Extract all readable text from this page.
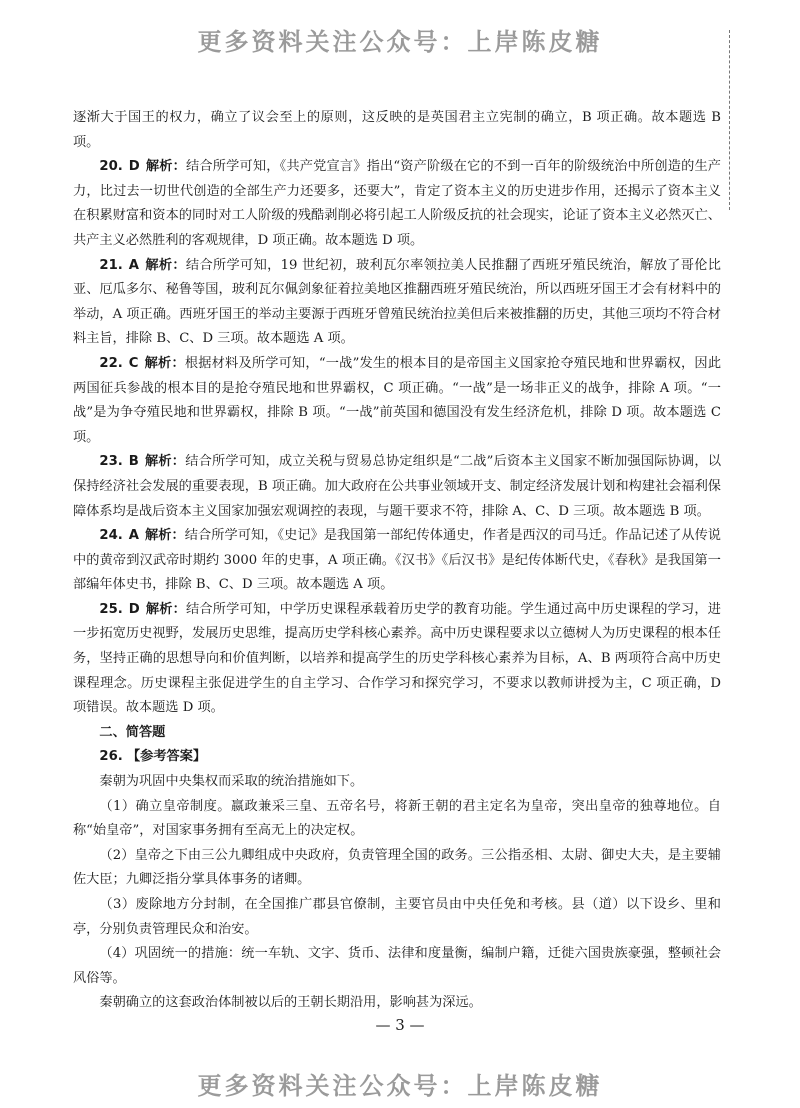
更多资料关注公众号：上岸陈皮糖

逐渐大于国王的权力，确立了议会至上的原则，这反映的是英国君主立宪制的确立，B 项正确。故本题选 B 项。

20. D 解析：结合所学可知，《共产党宣言》指出“资产阶级在它的不到一百年的阶级统治中所创造的生产力，比过去一切世代创造的全部生产力还要多，还要大”，肯定了资本主义的历史进步作用，还揭示了资本主义在积累财富和资本的同时对工人阶级的残酷剥削必将引起工人阶级反抗的社会现实，论证了资本主义必然灭亡、共产主义必然胜利的客观规律，D 项正确。故本题选 D 项。

21. A 解析：结合所学可知，19 世纪初，玻利瓦尔率领拉美人民推翻了西班牙殖民统治，解放了哥伦比亚、厄瓜多尔、秘鲁等国，玻利瓦尔佩剑象征着拉美地区推翻西班牙殖民统治，所以西班牙国王才会有材料中的举动，A 项正确。西班牙国王的举动主要源于西班牙曾殖民统治拉美但后来被推翻的历史，其他三项均不符合材料主旨，排除 B、C、D 三项。故本题选 A 项。

22. C 解析：根据材料及所学可知，“一战”发生的根本目的是帝国主义国家抢夺殖民地和世界霸权，因此两国征兵参战的根本目的是抢夺殖民地和世界霸权，C 项正确。“一战”是一场非正义的战争，排除 A 项。“一战”是为争夺殖民地和世界霸权，排除 B 项。“一战”前英国和德国没有发生经济危机，排除 D 项。故本题选 C 项。

23. B 解析：结合所学可知，成立关税与贸易总协定组织是“二战”后资本主义国家不断加强国际协调，以保持经济社会发展的重要表现，B 项正确。加大政府在公共事业领域开支、制定经济发展计划和构建社会福利保障体系均是战后资本主义国家加强宏观调控的表现，与题干要求不符，排除 A、C、D 三项。故本题选 B 项。

24. A 解析：结合所学可知，《史记》是我国第一部纪传体通史，作者是西汉的司马迁。作品记述了从传说中的黄帝到汉武帝时期约 3000 年的史事，A 项正确。《汉书》《后汉书》是纪传体断代史，《春秋》是我国第一部编年体史书，排除 B、C、D 三项。故本题选 A 项。

25. D 解析：结合所学可知，中学历史课程承载着历史学的教育功能。学生通过高中历史课程的学习，进一步拓宽历史视野，发展历史思维，提高历史学科核心素养。高中历史课程要求以立德树人为历史课程的根本任务，坚持正确的思想导向和价值判断，以培养和提高学生的历史学科核心素养为目标，A、B 两项符合高中历史课程理念。历史课程主张促进学生的自主学习、合作学习和探究学习，不要求以教师讲授为主，C 项正确，D 项错误。故本题选 D 项。

二、简答题

26. 【参考答案】

秦朝为巩固中央集权而采取的统治措施如下。

（1）确立皇帝制度。嬴政兼采三皇、五帝名号，将新王朝的君主定名为皇帝，突出皇帝的独尊地位。自称“始皇帝”，对国家事务拥有至高无上的决定权。

（2）皇帝之下由三公九卿组成中央政府，负责管理全国的政务。三公指丞相、太尉、御史大夫，是主要辅佐大臣；九卿泛指分掌具体事务的诸卿。

（3）废除地方分封制，在全国推广郡县官僚制，主要官员由中央任免和考核。县（道）以下设乡、里和亭，分别负责管理民众和治安。

（4）巩固统一的措施：统一车轨、文字、货币、法律和度量衡，编制户籍，迁徙六国贵族豪强，整顿社会风俗等。

秦朝确立的这套政治体制被以后的王朝长期沿用，影响甚为深远。

— 3 —
更多资料关注公众号：上岸陈皮糖
